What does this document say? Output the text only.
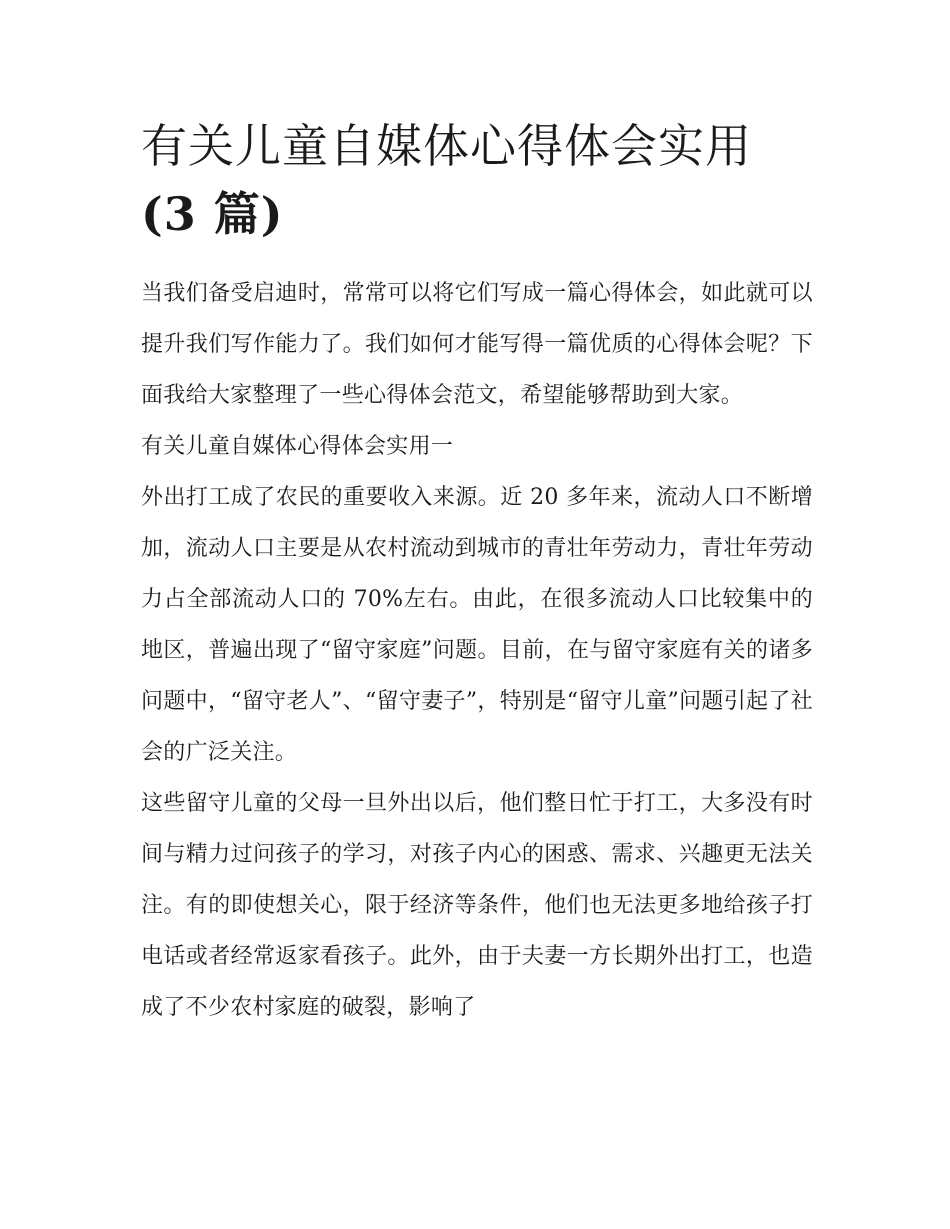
有关儿童自媒体心得体会实用
(3 篇)

当我们备受启迪时，常常可以将它们写成一篇心得体会，如此就可以提升我们写作能力了。我们如何才能写得一篇优质的心得体会呢？下面我给大家整理了一些心得体会范文，希望能够帮助到大家。

有关儿童自媒体心得体会实用一

外出打工成了农民的重要收入来源。近 20 多年来，流动人口不断增加，流动人口主要是从农村流动到城市的青壮年劳动力，青壮年劳动力占全部流动人口的 70%左右。由此，在很多流动人口比较集中的地区，普遍出现了“留守家庭”问题。目前，在与留守家庭有关的诸多问题中，“留守老人”、“留守妻子”，特别是“留守儿童”问题引起了社会的广泛关注。

这些留守儿童的父母一旦外出以后，他们整日忙于打工，大多没有时间与精力过问孩子的学习，对孩子内心的困惑、需求、兴趣更无法关注。有的即使想关心，限于经济等条件，他们也无法更多地给孩子打电话或者经常返家看孩子。此外，由于夫妻一方长期外出打工，也造成了不少农村家庭的破裂，影响了
